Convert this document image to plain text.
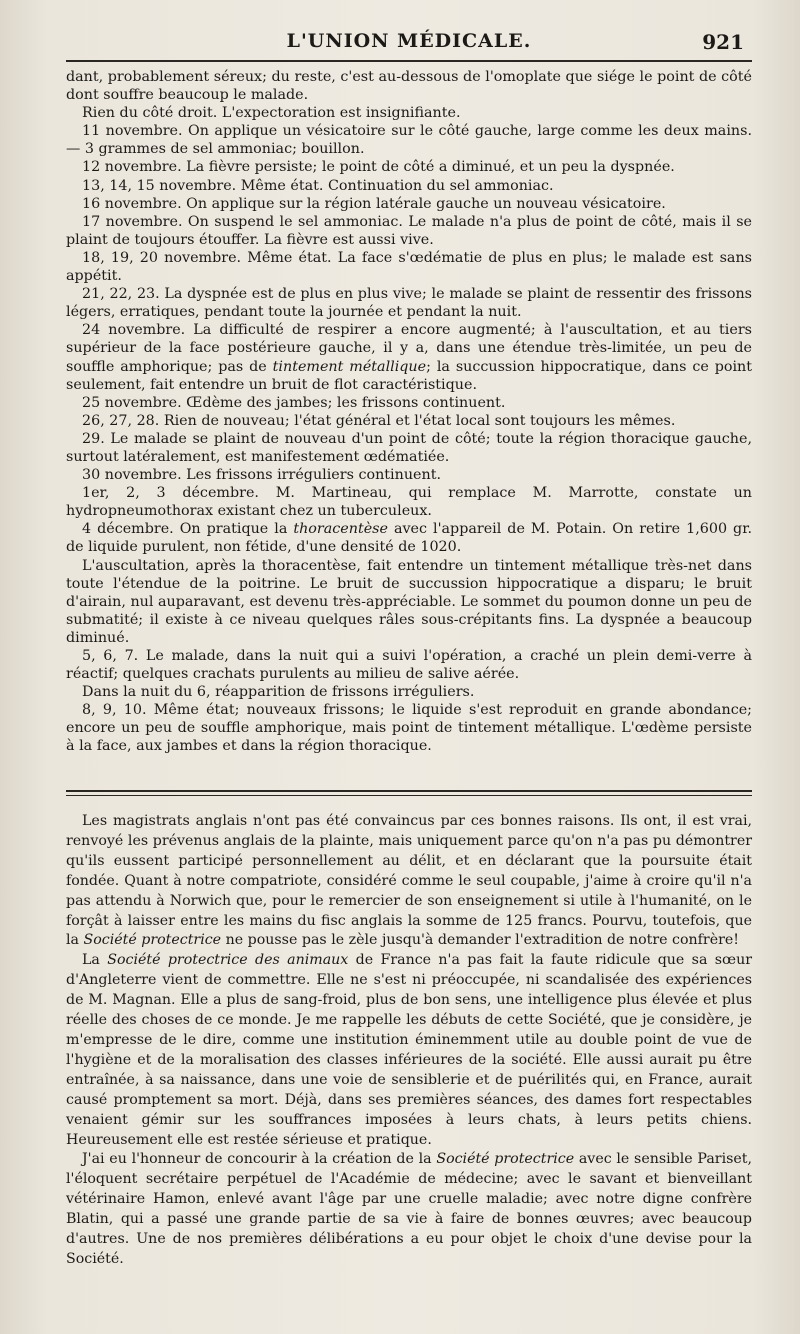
L'UNION MÉDICALE.	921

dant, probablement séreux; du reste, c'est au-dessous de l'omoplate que siége le point de côté dont souffre beaucoup le malade.

Rien du côté droit. L'expectoration est insignifiante.

11 novembre. On applique un vésicatoire sur le côté gauche, large comme les deux mains. — 3 grammes de sel ammoniac; bouillon.

12 novembre. La fièvre persiste; le point de côté a diminué, et un peu la dyspnée.

13, 14, 15 novembre. Même état. Continuation du sel ammoniac.

16 novembre. On applique sur la région latérale gauche un nouveau vésicatoire.

17 novembre. On suspend le sel ammoniac. Le malade n'a plus de point de côté, mais il se plaint de toujours étouffer. La fièvre est aussi vive.

18, 19, 20 novembre. Même état. La face s'œdématie de plus en plus; le malade est sans appétit.

21, 22, 23. La dyspnée est de plus en plus vive; le malade se plaint de ressentir des frissons légers, erratiques, pendant toute la journée et pendant la nuit.

24 novembre. La difficulté de respirer a encore augmenté; à l'auscultation, et au tiers supérieur de la face postérieure gauche, il y a, dans une étendue très-limitée, un peu de souffle amphorique; pas de tintement métallique; la succussion hippocratique, dans ce point seulement, fait entendre un bruit de flot caractéristique.

25 novembre. Œdème des jambes; les frissons continuent.

26, 27, 28. Rien de nouveau; l'état général et l'état local sont toujours les mêmes.

29. Le malade se plaint de nouveau d'un point de côté; toute la région thoracique gauche, surtout latéralement, est manifestement œdématiée.

30 novembre. Les frissons irréguliers continuent.

1er, 2, 3 décembre. M. Martineau, qui remplace M. Marrotte, constate un hydropneumothorax existant chez un tuberculeux.

4 décembre. On pratique la thoracentèse avec l'appareil de M. Potain. On retire 1,600 gr. de liquide purulent, non fétide, d'une densité de 1020.

L'auscultation, après la thoracentèse, fait entendre un tintement métallique très-net dans toute l'étendue de la poitrine. Le bruit de succussion hippocratique a disparu; le bruit d'airain, nul auparavant, est devenu très-appréciable. Le sommet du poumon donne un peu de submatité; il existe à ce niveau quelques râles sous-crépitants fins. La dyspnée a beaucoup diminué.

5, 6, 7. Le malade, dans la nuit qui a suivi l'opération, a craché un plein demi-verre à réactif; quelques crachats purulents au milieu de salive aérée.

Dans la nuit du 6, réapparition de frissons irréguliers.

8, 9, 10. Même état; nouveaux frissons; le liquide s'est reproduit en grande abondance; encore un peu de souffle amphorique, mais point de tintement métallique. L'œdème persiste à la face, aux jambes et dans la région thoracique.

Les magistrats anglais n'ont pas été convaincus par ces bonnes raisons. Ils ont, il est vrai, renvoyé les prévenus anglais de la plainte, mais uniquement parce qu'on n'a pas pu démontrer qu'ils eussent participé personnellement au délit, et en déclarant que la poursuite était fondée. Quant à notre compatriote, considéré comme le seul coupable, j'aime à croire qu'il n'a pas attendu à Norwich que, pour le remercier de son enseignement si utile à l'humanité, on le forçât à laisser entre les mains du fisc anglais la somme de 125 francs. Pourvu, toutefois, que la Société protectrice ne pousse pas le zèle jusqu'à demander l'extradition de notre confrère!

La Société protectrice des animaux de France n'a pas fait la faute ridicule que sa sœur d'Angleterre vient de commettre. Elle ne s'est ni préoccupée, ni scandalisée des expériences de M. Magnan. Elle a plus de sang-froid, plus de bon sens, une intelligence plus élevée et plus réelle des choses de ce monde. Je me rappelle les débuts de cette Société, que je considère, je m'empresse de le dire, comme une institution éminemment utile au double point de vue de l'hygiène et de la moralisation des classes inférieures de la société. Elle aussi aurait pu être entraînée, à sa naissance, dans une voie de sensiblerie et de puérilités qui, en France, aurait causé promptement sa mort. Déjà, dans ses premières séances, des dames fort respectables venaient gémir sur les souffrances imposées à leurs chats, à leurs petits chiens. Heureusement elle est restée sérieuse et pratique.

J'ai eu l'honneur de concourir à la création de la Société protectrice avec le sensible Pariset, l'éloquent secrétaire perpétuel de l'Académie de médecine; avec le savant et bienveillant vétérinaire Hamon, enlevé avant l'âge par une cruelle maladie; avec notre digne confrère Blatin, qui a passé une grande partie de sa vie à faire de bonnes œuvres; avec beaucoup d'autres. Une de nos premières délibérations a eu pour objet le choix d'une devise pour la Société.
